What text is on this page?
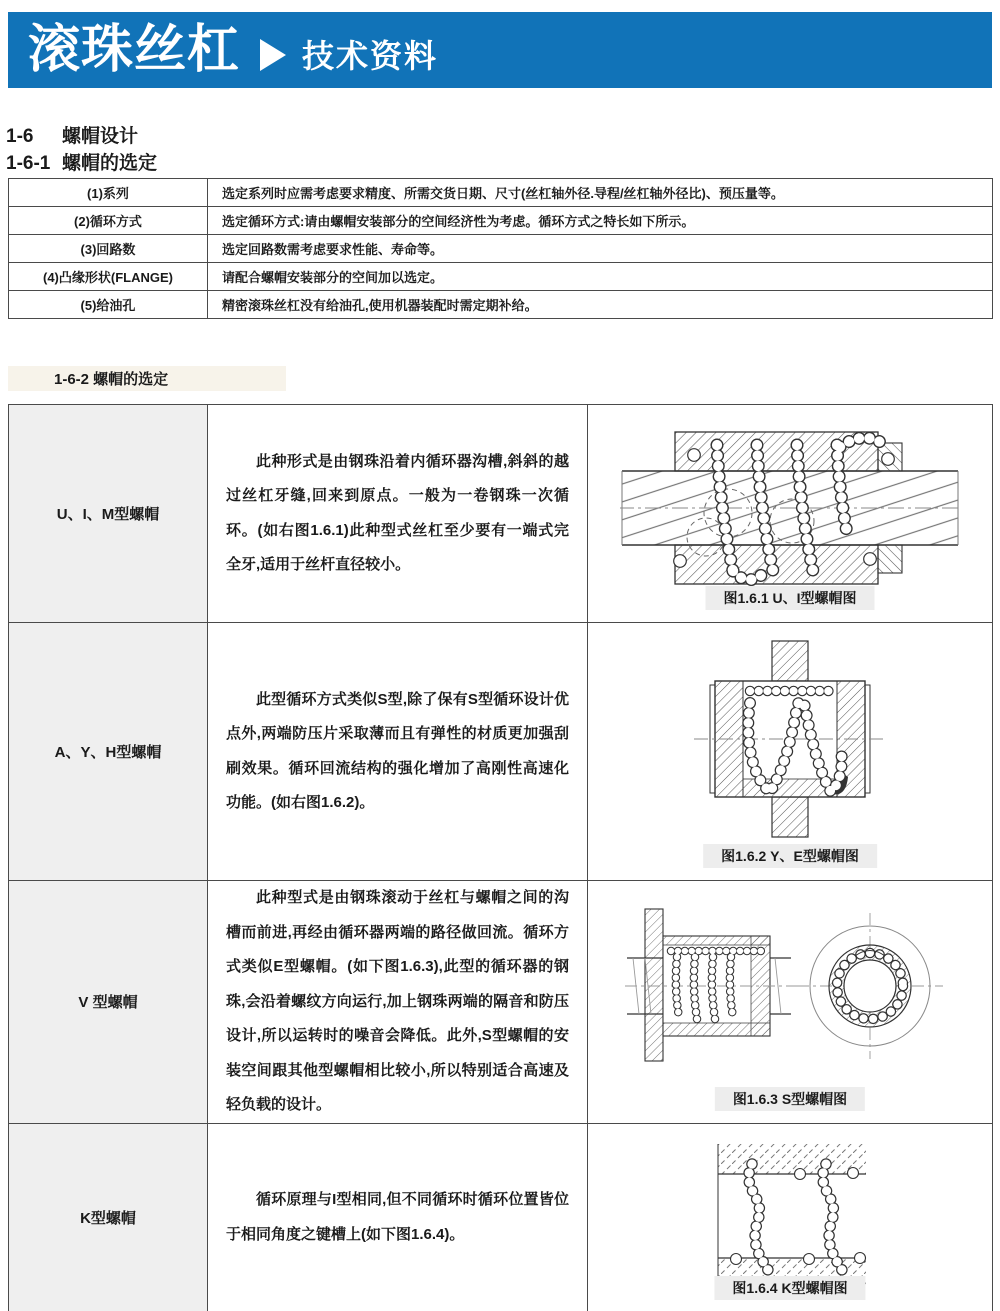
滚珠丝杠 技术资料
1-6 螺帽设计
1-6-1 螺帽的选定
(1)系列	选定系列时应需考虑要求精度、所需交货日期、尺寸(丝杠轴外径.导程/丝杠轴外径比)、预压量等。
(2)循环方式	选定循环方式:请由螺帽安装部分的空间经济性为考虑。循环方式之特长如下所示。
(3)回路数	选定回路数需考虑要求性能、寿命等。
(4)凸缘形状(FLANGE)	请配合螺帽安装部分的空间加以选定。
(5)给油孔	精密滚珠丝杠没有给油孔,使用机器装配时需定期补给。
1-6-2 螺帽的选定
U、I、M型螺帽	此种形式是由钢珠沿着内循环器沟槽,斜斜的越过丝杠牙缝,回来到原点。一般为一卷钢珠一次循环。(如右图1.6.1)此种型式丝杠至少要有一端式完全牙,适用于丝杆直径较小。	图1.6.1 U、I型螺帽图

A、Y、H型螺帽	此型循环方式类似S型,除了保有S型循环设计优点外,两端防压片采取薄而且有弹性的材质更加强刮刷效果。循环回流结构的强化增加了高刚性高速化功能。(如右图1.6.2)。	图1.6.2 Y、E型螺帽图

V 型螺帽	此种型式是由钢珠滚动于丝杠与螺帽之间的沟槽而前进,再经由循环器两端的路径做回流。循环方式类似E型螺帽。(如下图1.6.3),此型的循环器的钢珠,会沿着螺纹方向运行,加上钢珠两端的隔音和防压设计,所以运转时的噪音会降低。此外,S型螺帽的安装空间跟其他型螺帽相比较小,所以特别适合高速及轻负载的设计。	图1.6.3 S型螺帽图

K型螺帽	循环原理与I型相同,但不同循环时循环位置皆位于相同角度之键槽上(如下图1.6.4)。	图1.6.4 K型螺帽图
